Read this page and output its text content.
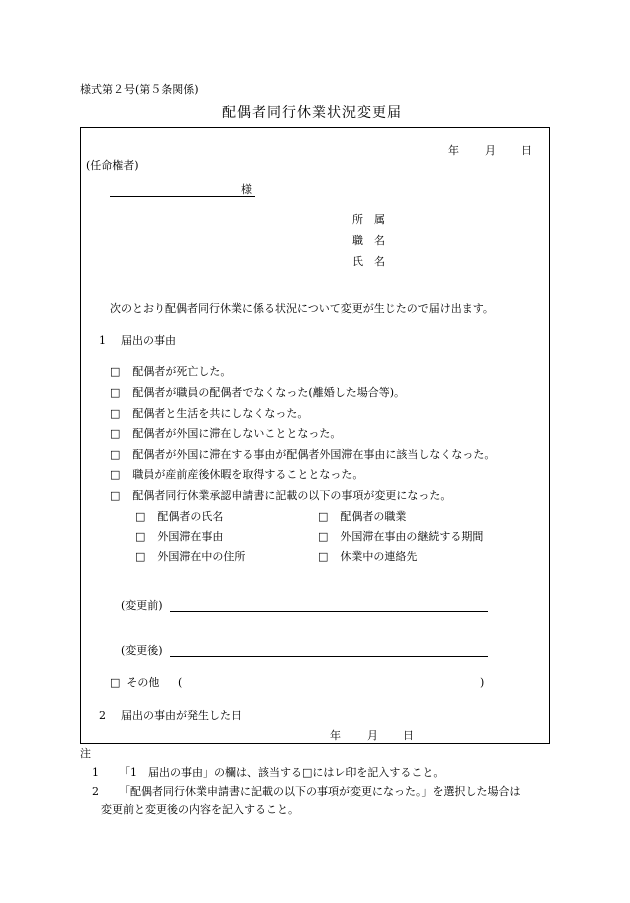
様式第２号(第５条関係)
配偶者同行休業状況変更届
年 月 日
(任命権者)
様
所　属
職　名
氏　名
次のとおり配偶者同行休業に係る状況について変更が生じたので届け出ます。
1 届出の事由
□ 配偶者が死亡した。
□ 配偶者が職員の配偶者でなくなった(離婚した場合等)。
□ 配偶者と生活を共にしなくなった。
□ 配偶者が外国に滞在しないこととなった。
□ 配偶者が外国に滞在する事由が配偶者外国滞在事由に該当しなくなった。
□ 職員が産前産後休暇を取得することとなった。
□ 配偶者同行休業承認申請書に記載の以下の事項が変更になった。
□ 配偶者の氏名	□ 配偶者の職業
□ 外国滞在事由	□ 外国滞在事由の継続する期間
□ 外国滞在中の住所	□ 休業中の連絡先
(変更前)
(変更後)
□ その他 (	)
2 届出の事由が発生した日
年 月 日
注
1 「1　届出の事由」の欄は、該当する□にはレ印を記入すること。
2 「配偶者同行休業申請書に記載の以下の事項が変更になった。」を選択した場合は
変更前と変更後の内容を記入すること。
